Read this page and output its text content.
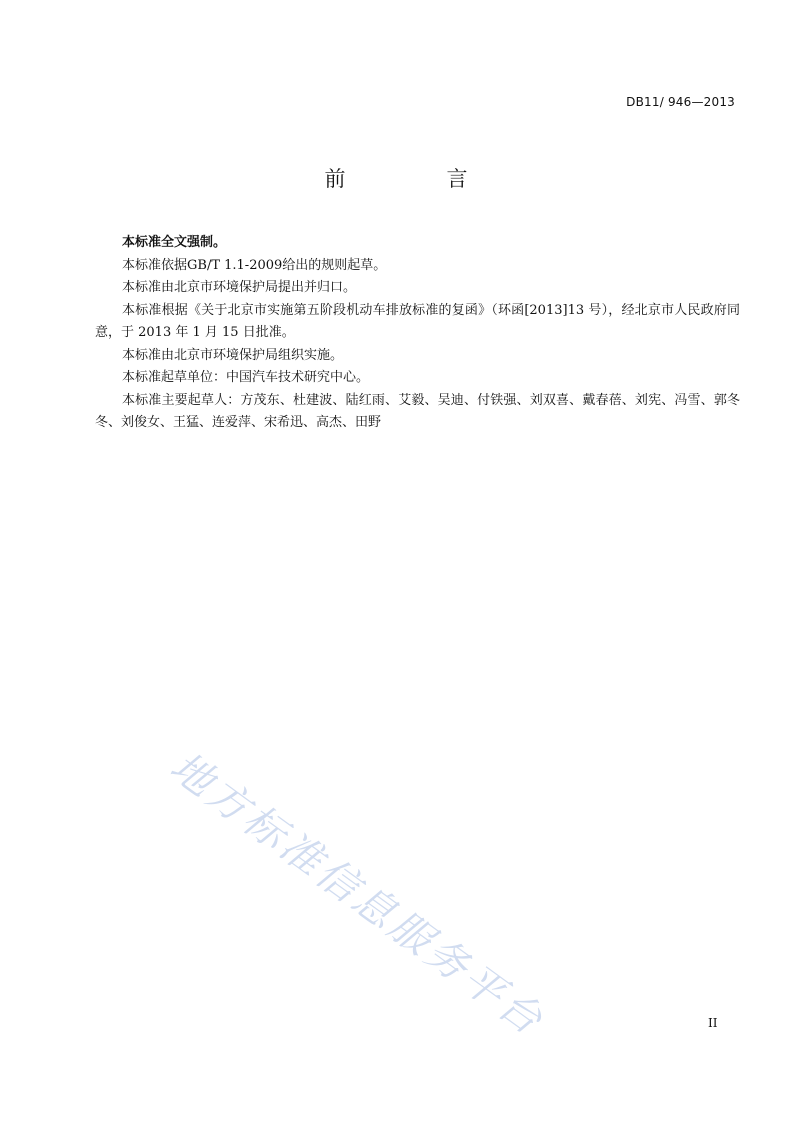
DB11/ 946—2013
前　言

本标准全文强制。

本标准依据GB/T 1.1-2009给出的规则起草。

本标准由北京市环境保护局提出并归口。

本标准根据《关于北京市实施第五阶段机动车排放标准的复函》（环函[2013]13 号），经北京市人民政府同意，于 2013 年 1 月 15 日批准。

本标准由北京市环境保护局组织实施。

本标准起草单位：中国汽车技术研究中心。

本标准主要起草人：方茂东、杜建波、陆红雨、艾毅、吴迪、付铁强、刘双喜、戴春蓓、刘宪、冯雪、郭冬冬、刘俊女、王猛、连爱萍、宋希迅、高杰、田野

地方标准信息服务平台	II
